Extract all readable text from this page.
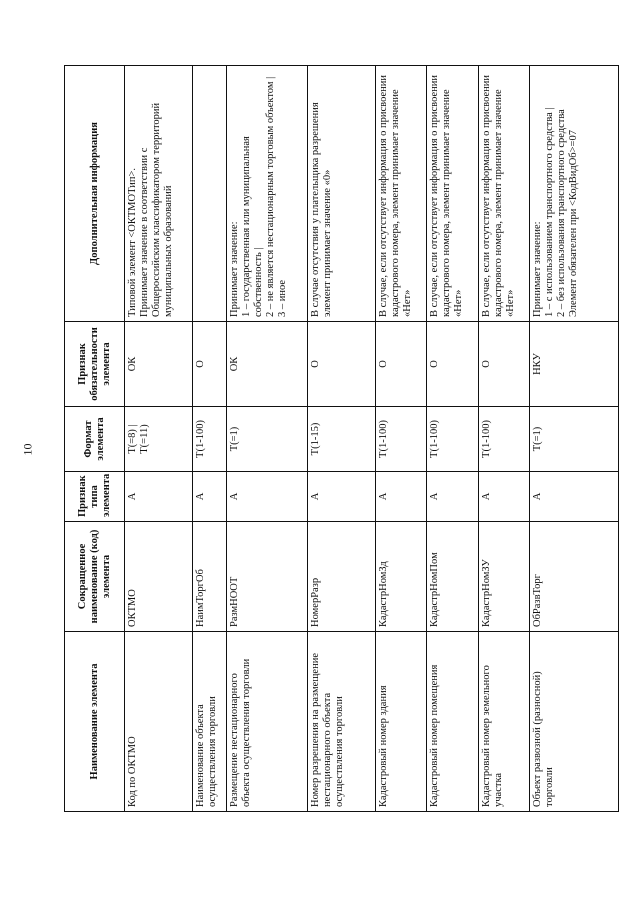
10
Наименование элемента	Сокращенное наименование (код) элемента	Признак типа элемента	Формат элемента	Признак обязательности элемента	Дополнительная информация
Код по ОКТМО	ОКТМО	А	T(=8) | T(=11)	ОК	Типовой элемент <ОКТМОТип>. Принимает значение в соответствии с Общероссийским классификатором территорий муниципальных образований

Наименование объекта осуществления торговли	НаимТоргОб	А	T(1-100)	О	

Размещение нестационарного объекта осуществления торговли	РазмНООТ	А	T(=1)	ОК	Принимает значение: 1 – государственная или муниципальная собственность | 2 – не является нестационарным торговым объектом | 3 – иное

Номер разрешения на размещение нестационарного объекта осуществления торговли	НомерРазр	А	T(1-15)	О	В случае отсутствия у плательщика разрешения элемент принимает значение «0»

Кадастровый номер здания	КадастрНомЗд	А	T(1-100)	О	В случае, если отсутствует информация о присвоении кадастрового номера, элемент принимает значение «Нет»

Кадастровый номер помещения	КадастрНомПом	А	T(1-100)	О	В случае, если отсутствует информация о присвоении кадастрового номера, элемент принимает значение «Нет»

Кадастровый номер земельного участка	КадастрНомЗУ	А	T(1-100)	О	В случае, если отсутствует информация о присвоении кадастрового номера, элемент принимает значение «Нет»

Объект развозной (разносной) торговли	ОбРазвТорг	А	T(=1)	НКУ	Принимает значение: 1 – с использованием транспортного средства | 2 – без использования транспортного средства Элемент обязателен при <КодВидОб>=07
